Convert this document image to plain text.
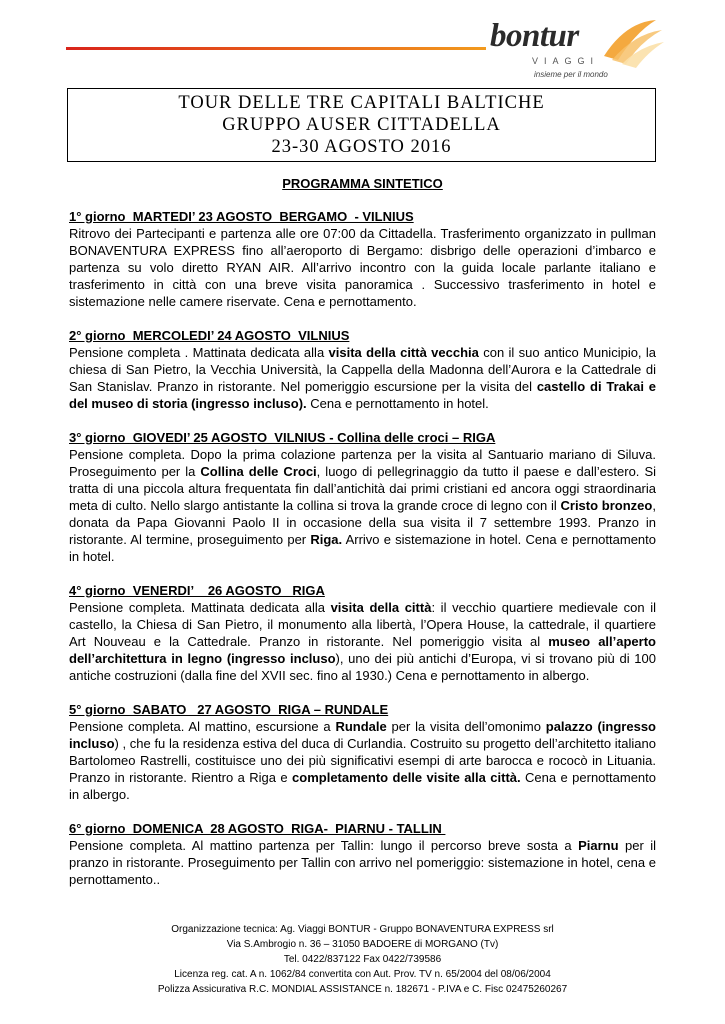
bontur
VIAGGI
insieme per il mondo
TOUR DELLE TRE CAPITALI BALTICHE
GRUPPO AUSER CITTADELLA
23-30 AGOSTO 2016
PROGRAMMA SINTETICO
1° giorno  MARTEDI’ 23 AGOSTO  BERGAMO  - VILNIUS
Ritrovo dei Partecipanti e partenza alle ore 07:00 da Cittadella. Trasferimento organizzato in pullman BONAVENTURA EXPRESS fino all’aeroporto di Bergamo: disbrigo delle operazioni d’imbarco e partenza su volo diretto RYAN AIR. All’arrivo incontro con la guida locale parlante italiano e trasferimento in città con una breve visita panoramica . Successivo trasferimento in hotel e sistemazione nelle camere riservate. Cena e pernottamento.
2° giorno  MERCOLEDI’ 24 AGOSTO  VILNIUS
Pensione completa . Mattinata dedicata alla visita della città vecchia con il suo antico Municipio, la chiesa di San Pietro, la Vecchia Università, la Cappella della Madonna dell’Aurora e la Cattedrale di San Stanislav. Pranzo in ristorante. Nel pomeriggio escursione per la visita del castello di Trakai e del museo di storia (ingresso incluso). Cena e pernottamento in hotel.
3° giorno  GIOVEDI’ 25 AGOSTO  VILNIUS - Collina delle croci – RIGA
Pensione completa. Dopo la prima colazione partenza per la visita al Santuario mariano di Siluva. Proseguimento per la Collina delle Croci, luogo di pellegrinaggio da tutto il paese e dall’estero. Si tratta di una piccola altura frequentata fin dall’antichità dai primi cristiani ed ancora oggi straordinaria meta di culto. Nello slargo antistante la collina si trova la grande croce di legno con il Cristo bronzeo, donata da Papa Giovanni Paolo II in occasione della sua visita il 7 settembre 1993. Pranzo in ristorante. Al termine, proseguimento per Riga. Arrivo e sistemazione in hotel. Cena e pernottamento in hotel.
4° giorno  VENERDI’    26 AGOSTO   RIGA
Pensione completa. Mattinata dedicata alla visita della città: il vecchio quartiere medievale con il castello, la Chiesa di San Pietro, il monumento alla libertà, l’Opera House, la cattedrale, il quartiere Art Nouveau e la Cattedrale. Pranzo in ristorante. Nel pomeriggio visita al museo all’aperto dell’architettura in legno (ingresso incluso), uno dei più antichi d’Europa, vi si trovano più di 100 antiche costruzioni (dalla fine del XVII sec. fino al 1930.) Cena e pernottamento in albergo.
5° giorno  SABATO   27 AGOSTO  RIGA – RUNDALE
Pensione completa. Al mattino, escursione a Rundale per la visita dell’omonimo palazzo (ingresso incluso) , che fu la residenza estiva del duca di Curlandia. Costruito su progetto dell’architetto italiano Bartolomeo Rastrelli, costituisce uno dei più significativi esempi di arte barocca e rococò in Lituania. Pranzo in ristorante. Rientro a Riga e completamento delle visite alla città. Cena e pernottamento in albergo.
6° giorno  DOMENICA  28 AGOSTO  RIGA-  PIARNU - TALLIN
Pensione completa. Al mattino partenza per Tallin: lungo il percorso breve sosta a Piarnu per il pranzo in ristorante. Proseguimento per Tallin con arrivo nel pomeriggio: sistemazione in hotel, cena e pernottamento..
Organizzazione tecnica: Ag. Viaggi BONTUR - Gruppo BONAVENTURA EXPRESS srl
Via S.Ambrogio n. 36 – 31050 BADOERE di MORGANO (Tv)
Tel. 0422/837122 Fax 0422/739586
Licenza reg. cat. A n. 1062/84 convertita con Aut. Prov. TV n. 65/2004 del 08/06/2004
Polizza Assicurativa R.C. MONDIAL ASSISTANCE n. 182671 - P.IVA e C. Fisc 02475260267
